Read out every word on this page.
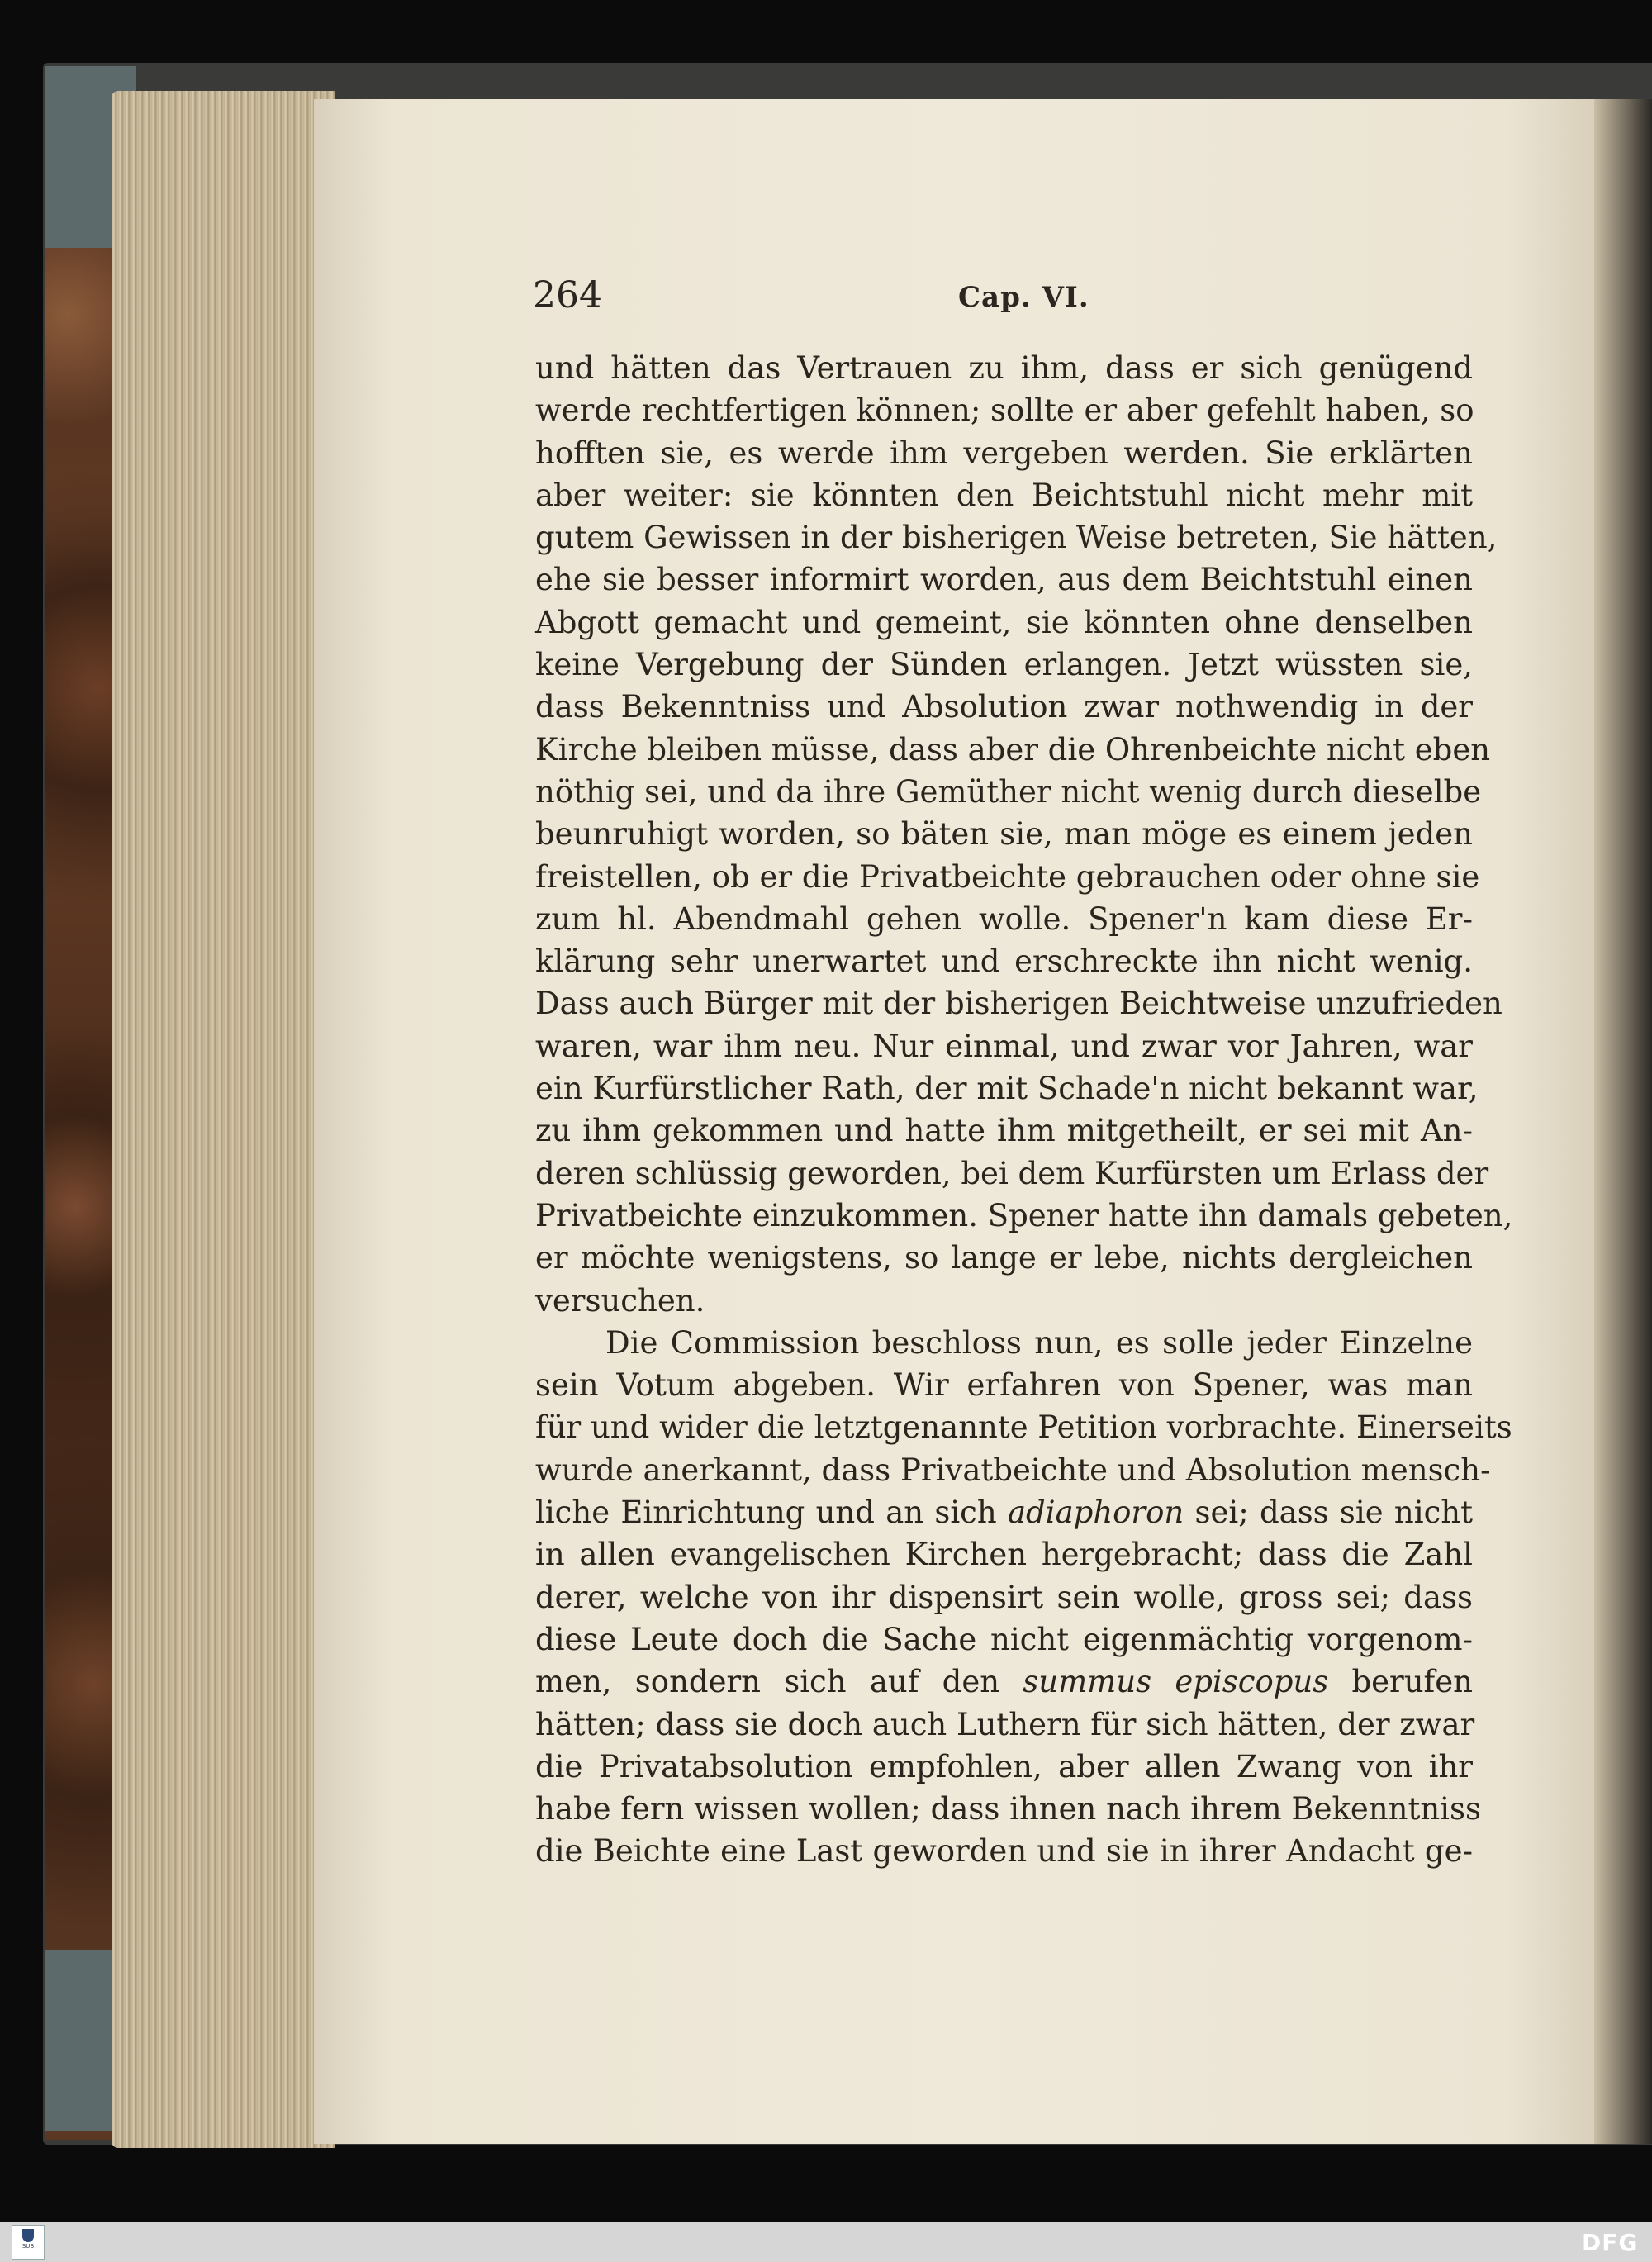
264	Cap. VI.
und hätten das Vertrauen zu ihm, dass er sich genügend
werde rechtfertigen können; sollte er aber gefehlt haben, so
hofften sie, es werde ihm vergeben werden. Sie erklärten
aber weiter: sie könnten den Beichtstuhl nicht mehr mit
gutem Gewissen in der bisherigen Weise betreten, Sie hätten,
ehe sie besser informirt worden, aus dem Beichtstuhl einen
Abgott gemacht und gemeint, sie könnten ohne denselben
keine Vergebung der Sünden erlangen. Jetzt wüssten sie,
dass Bekenntniss und Absolution zwar nothwendig in der
Kirche bleiben müsse, dass aber die Ohrenbeichte nicht eben
nöthig sei, und da ihre Gemüther nicht wenig durch dieselbe
beunruhigt worden, so bäten sie, man möge es einem jeden
freistellen, ob er die Privatbeichte gebrauchen oder ohne sie
zum hl. Abendmahl gehen wolle. Spener'n kam diese Er-
klärung sehr unerwartet und erschreckte ihn nicht wenig.
Dass auch Bürger mit der bisherigen Beichtweise unzufrieden
waren, war ihm neu. Nur einmal, und zwar vor Jahren, war
ein Kurfürstlicher Rath, der mit Schade'n nicht bekannt war,
zu ihm gekommen und hatte ihm mitgetheilt, er sei mit An-
deren schlüssig geworden, bei dem Kurfürsten um Erlass der
Privatbeichte einzukommen. Spener hatte ihn damals gebeten,
er möchte wenigstens, so lange er lebe, nichts dergleichen
versuchen.
Die Commission beschloss nun, es solle jeder Einzelne
sein Votum abgeben. Wir erfahren von Spener, was man
für und wider die letztgenannte Petition vorbrachte. Einerseits
wurde anerkannt, dass Privatbeichte und Absolution mensch-
liche Einrichtung und an sich adiaphoron sei; dass sie nicht
in allen evangelischen Kirchen hergebracht; dass die Zahl
derer, welche von ihr dispensirt sein wolle, gross sei; dass
diese Leute doch die Sache nicht eigenmächtig vorgenom-
men, sondern sich auf den summus episcopus berufen
hätten; dass sie doch auch Luthern für sich hätten, der zwar
die Privatabsolution empfohlen, aber allen Zwang von ihr
habe fern wissen wollen; dass ihnen nach ihrem Bekenntniss
die Beichte eine Last geworden und sie in ihrer Andacht ge-
SUB	DFG
